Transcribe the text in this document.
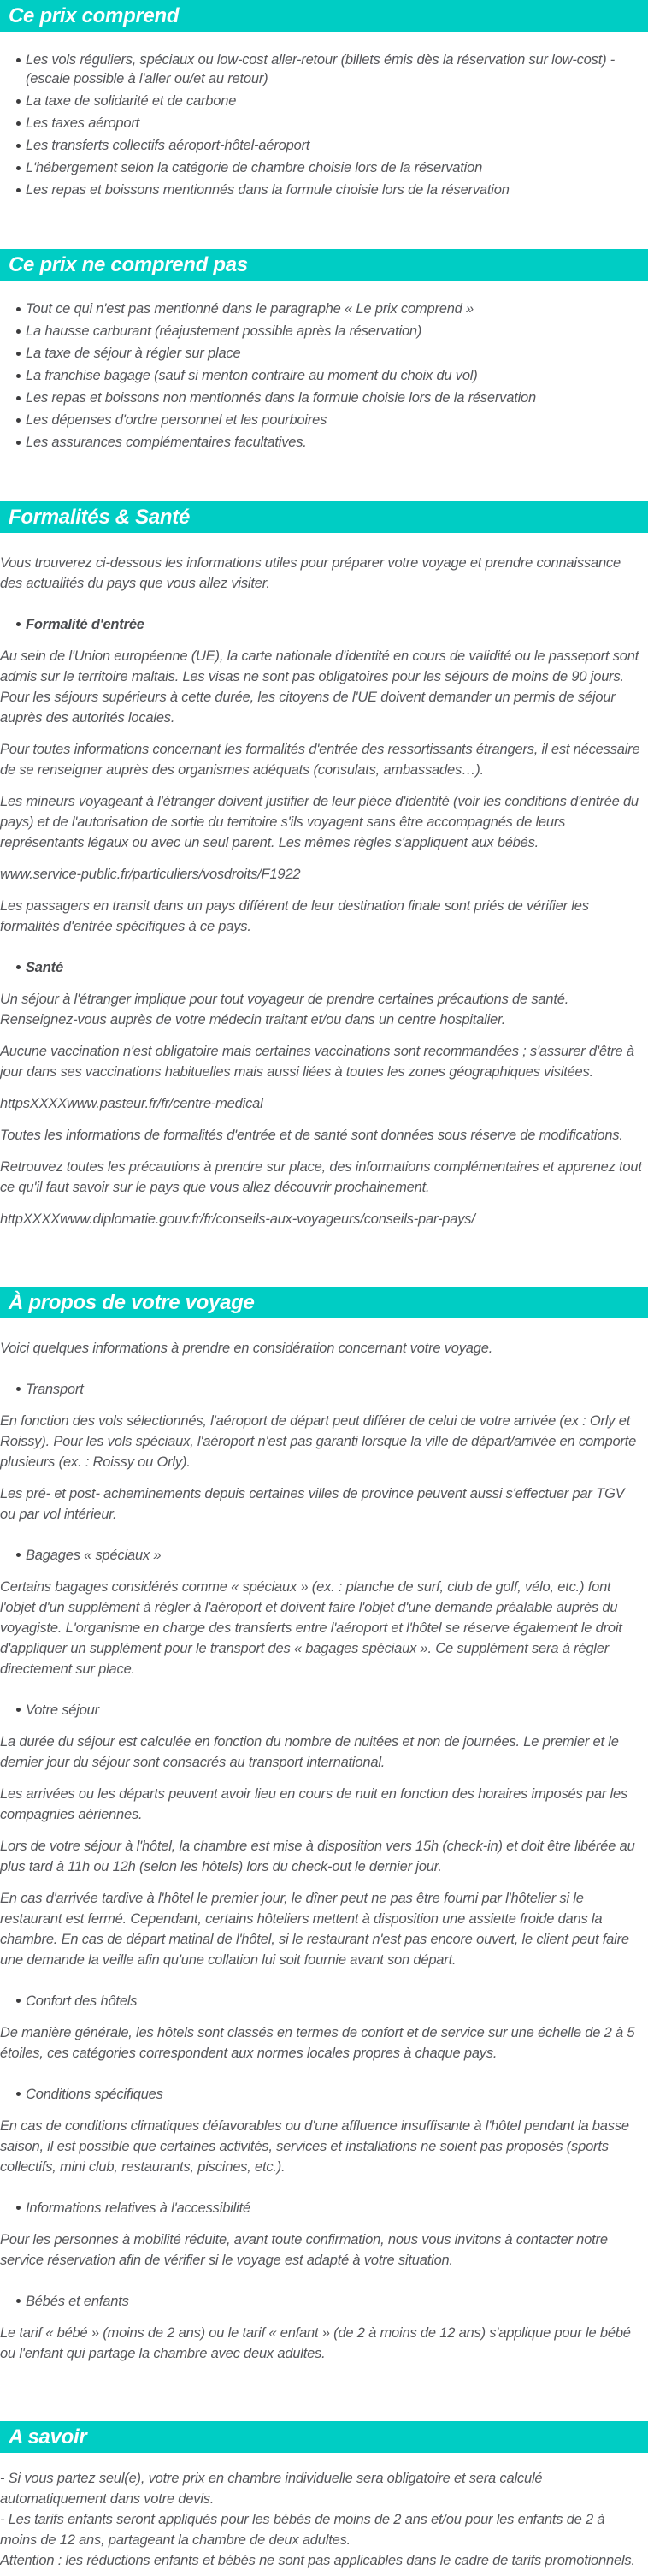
Ce prix comprend
Les vols réguliers, spéciaux ou low-cost aller-retour (billets émis dès la réservation sur low-cost) - (escale possible à l'aller ou/et au retour)
La taxe de solidarité et de carbone
Les taxes aéroport
Les transferts collectifs aéroport-hôtel-aéroport
L'hébergement selon la catégorie de chambre choisie lors de la réservation
Les repas et boissons mentionnés dans la formule choisie lors de la réservation
Ce prix ne comprend pas
Tout ce qui n'est pas mentionné dans le paragraphe « Le prix comprend »
La hausse carburant (réajustement possible après la réservation)
La taxe de séjour à régler sur place
La franchise bagage (sauf si menton contraire au moment du choix du vol)
Les repas et boissons non mentionnés dans la formule choisie lors de la réservation
Les dépenses d'ordre personnel et les pourboires
Les assurances complémentaires facultatives.
Formalités & Santé

Vous trouverez ci-dessous les informations utiles pour préparer votre voyage et prendre connaissance des actualités du pays que vous allez visiter.

Formalité d'entrée

Au sein de l'Union européenne (UE), la carte nationale d'identité en cours de validité ou le passeport sont admis sur le territoire maltais. Les visas ne sont pas obligatoires pour les séjours de moins de 90 jours. Pour les séjours supérieurs à cette durée, les citoyens de l'UE doivent demander un permis de séjour auprès des autorités locales.

Pour toutes informations concernant les formalités d'entrée des ressortissants étrangers, il est nécessaire de se renseigner auprès des organismes adéquats (consulats, ambassades…).

Les mineurs voyageant à l'étranger doivent justifier de leur pièce d'identité (voir les conditions d'entrée du pays) et de l'autorisation de sortie du territoire s'ils voyagent sans être accompagnés de leurs représentants légaux ou avec un seul parent. Les mêmes règles s'appliquent aux bébés.

www.service-public.fr/particuliers/vosdroits/F1922

Les passagers en transit dans un pays différent de leur destination finale sont priés de vérifier les formalités d'entrée spécifiques à ce pays.

Santé

Un séjour à l'étranger implique pour tout voyageur de prendre certaines précautions de santé. Renseignez-vous auprès de votre médecin traitant et/ou dans un centre hospitalier.

Aucune vaccination n'est obligatoire mais certaines vaccinations sont recommandées ; s'assurer d'être à jour dans ses vaccinations habituelles mais aussi liées à toutes les zones géographiques visitées.

httpsXXXXwww.pasteur.fr/fr/centre-medical

Toutes les informations de formalités d'entrée et de santé sont données sous réserve de modifications.

Retrouvez toutes les précautions à prendre sur place, des informations complémentaires et apprenez tout ce qu'il faut savoir sur le pays que vous allez découvrir prochainement.

httpXXXXwww.diplomatie.gouv.fr/fr/conseils-aux-voyageurs/conseils-par-pays/

À propos de votre voyage

Voici quelques informations à prendre en considération concernant votre voyage.

Transport

En fonction des vols sélectionnés, l'aéroport de départ peut différer de celui de votre arrivée (ex : Orly et Roissy). Pour les vols spéciaux, l'aéroport n'est pas garanti lorsque la ville de départ/arrivée en comporte plusieurs (ex. : Roissy ou Orly).

Les pré- et post- acheminements depuis certaines villes de province peuvent aussi s'effectuer par TGV ou par vol intérieur.

Bagages « spéciaux »

Certains bagages considérés comme « spéciaux » (ex. : planche de surf, club de golf, vélo, etc.) font l'objet d'un supplément à régler à l'aéroport et doivent faire l'objet d'une demande préalable auprès du voyagiste. L'organisme en charge des transferts entre l'aéroport et l'hôtel se réserve également le droit d'appliquer un supplément pour le transport des « bagages spéciaux ». Ce supplément sera à régler directement sur place.

Votre séjour

La durée du séjour est calculée en fonction du nombre de nuitées et non de journées. Le premier et le dernier jour du séjour sont consacrés au transport international.

Les arrivées ou les départs peuvent avoir lieu en cours de nuit en fonction des horaires imposés par les compagnies aériennes.

Lors de votre séjour à l'hôtel, la chambre est mise à disposition vers 15h (check-in) et doit être libérée au plus tard à 11h ou 12h (selon les hôtels) lors du check-out le dernier jour.

En cas d'arrivée tardive à l'hôtel le premier jour, le dîner peut ne pas être fourni par l'hôtelier si le restaurant est fermé. Cependant, certains hôteliers mettent à disposition une assiette froide dans la chambre. En cas de départ matinal de l'hôtel, si le restaurant n'est pas encore ouvert, le client peut faire une demande la veille afin qu'une collation lui soit fournie avant son départ.

Confort des hôtels

De manière générale, les hôtels sont classés en termes de confort et de service sur une échelle de 2 à 5 étoiles, ces catégories correspondent aux normes locales propres à chaque pays.

Conditions spécifiques

En cas de conditions climatiques défavorables ou d'une affluence insuffisante à l'hôtel pendant la basse saison, il est possible que certaines activités, services et installations ne soient pas proposés (sports collectifs, mini club, restaurants, piscines, etc.).

Informations relatives à l'accessibilité

Pour les personnes à mobilité réduite, avant toute confirmation, nous vous invitons à contacter notre service réservation afin de vérifier si le voyage est adapté à votre situation.

Bébés et enfants

Le tarif « bébé » (moins de 2 ans) ou le tarif « enfant » (de 2 à moins de 12 ans) s'applique pour le bébé ou l'enfant qui partage la chambre avec deux adultes.

A savoir

- Si vous partez seul(e), votre prix en chambre individuelle sera obligatoire et sera calculé automatiquement dans votre devis.

- Les tarifs enfants seront appliqués pour les bébés de moins de 2 ans et/ou pour les enfants de 2 à moins de 12 ans, partageant la chambre de deux adultes.

Attention : les réductions enfants et bébés ne sont pas applicables dans le cadre de tarifs promotionnels.
